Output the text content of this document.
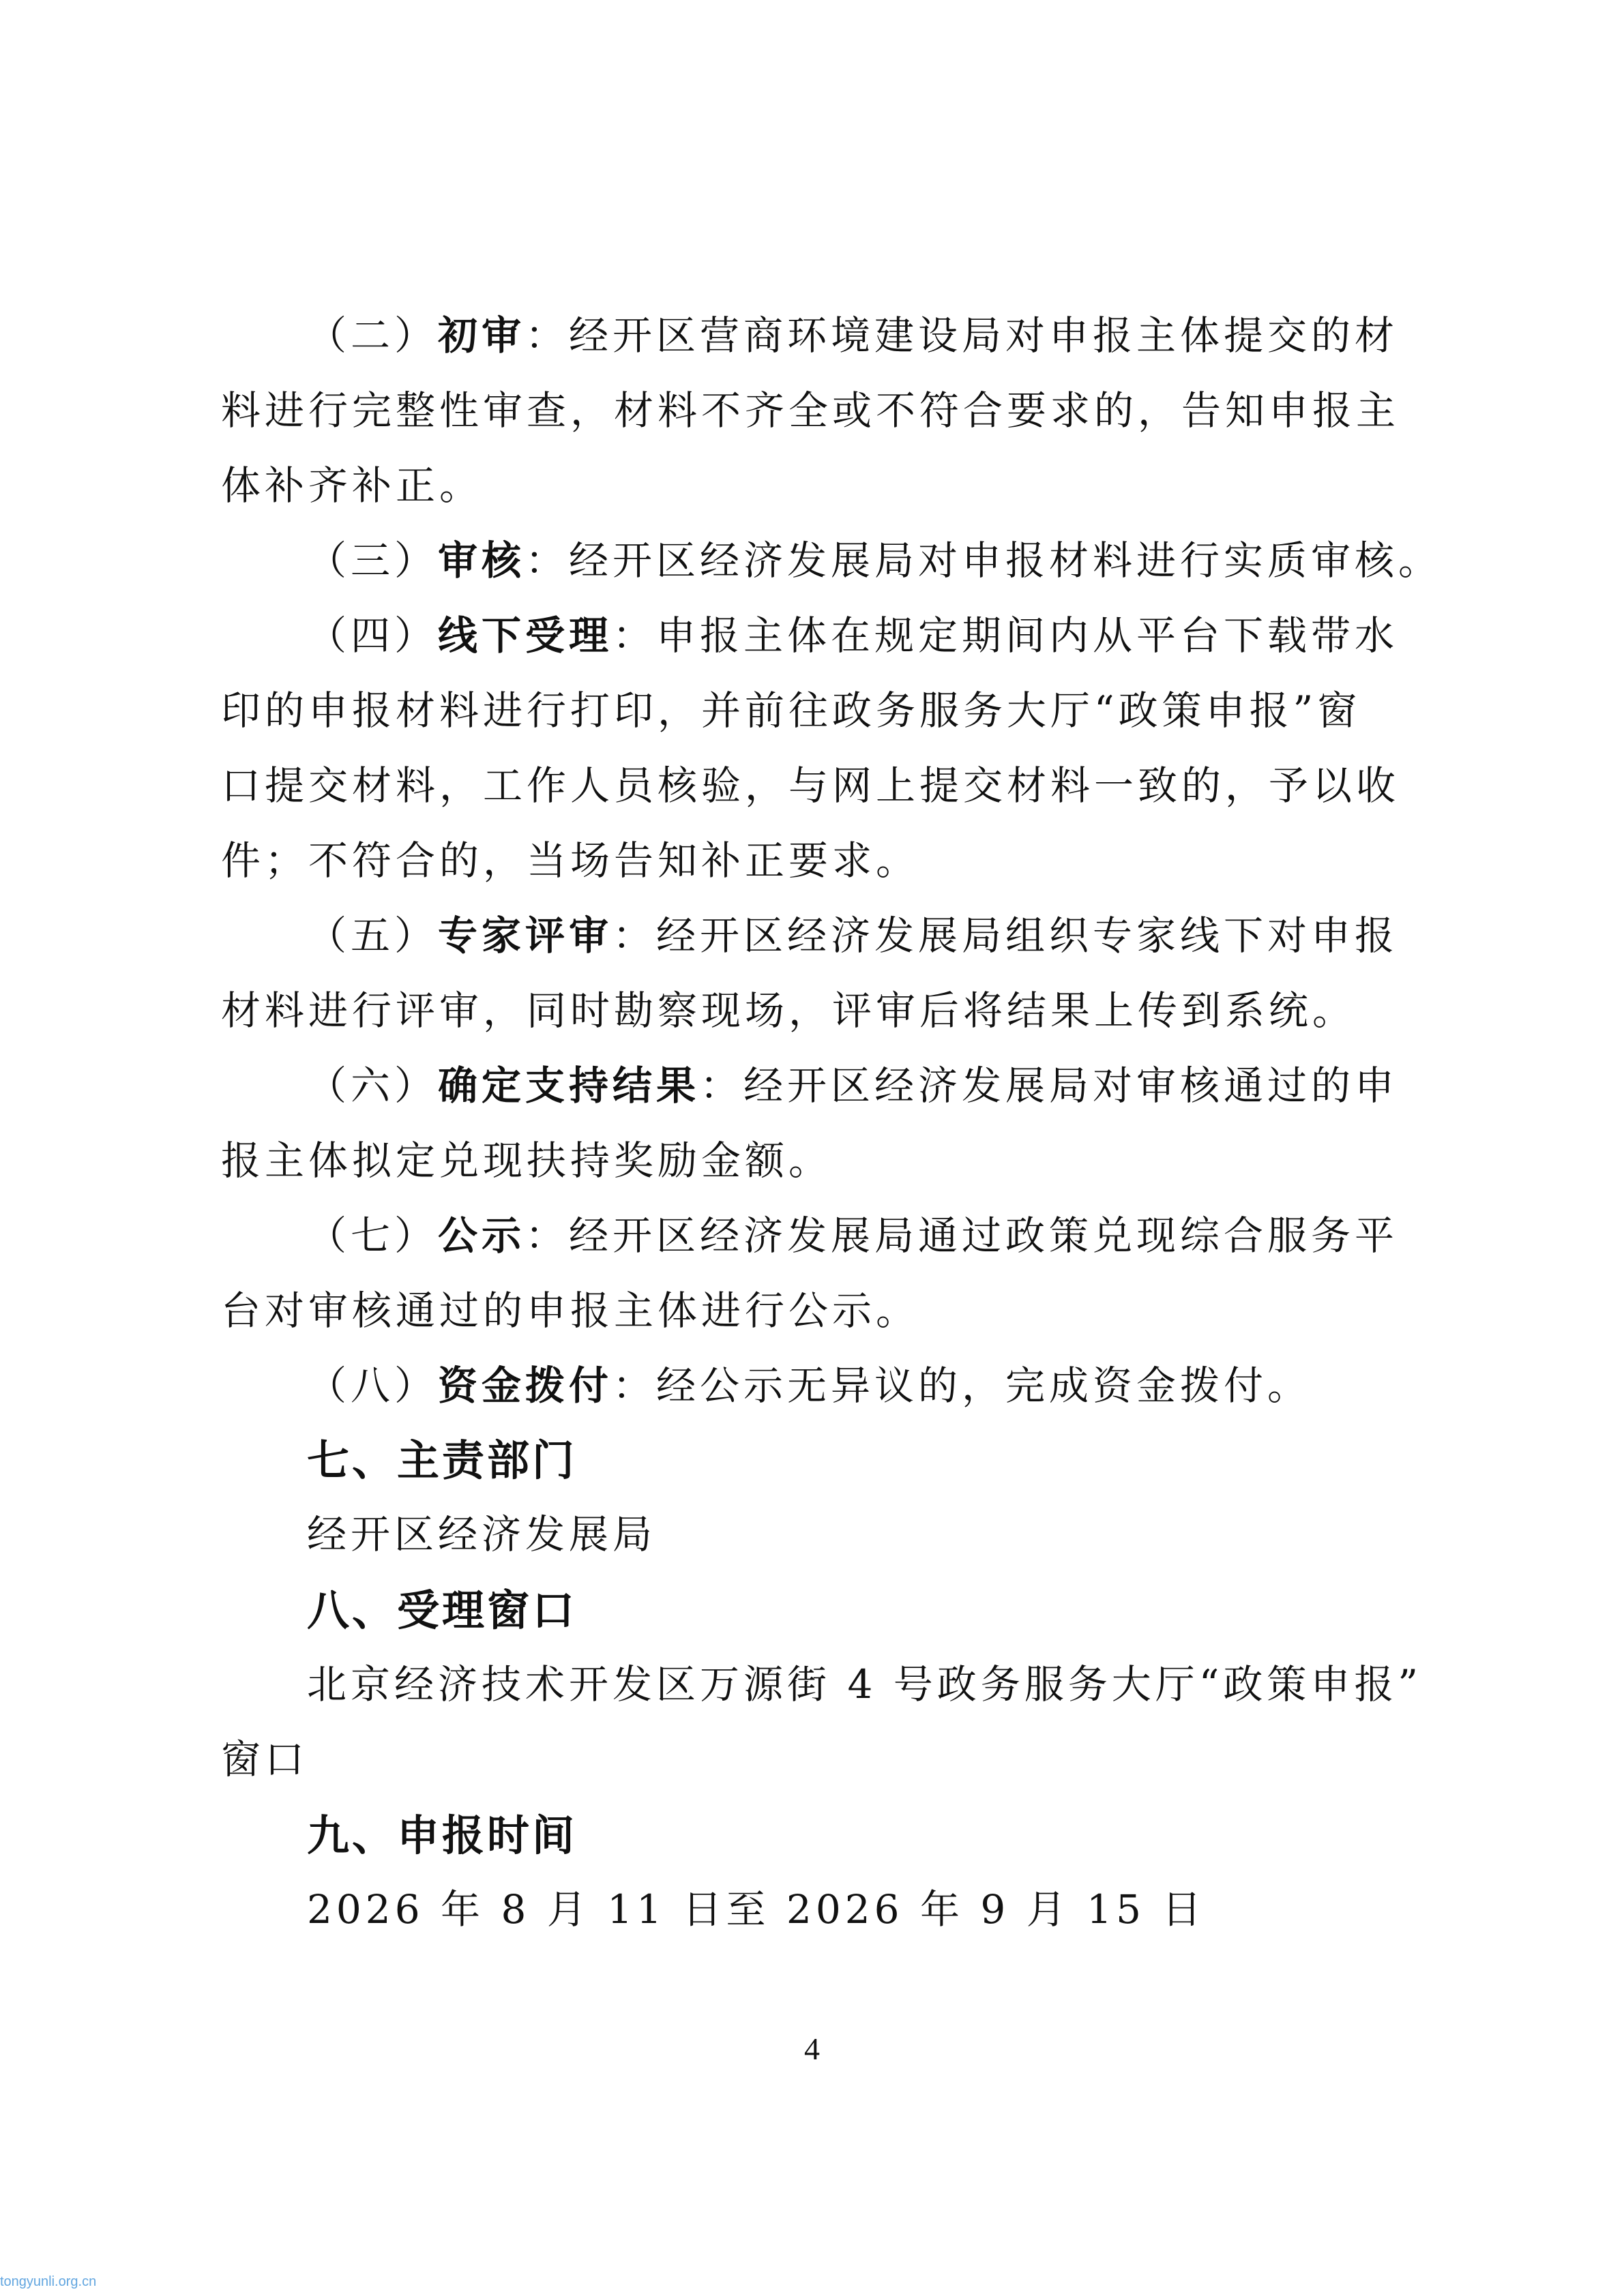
（二）初审：经开区营商环境建设局对申报主体提交的材
料进行完整性审查，材料不齐全或不符合要求的，告知申报主
体补齐补正。
（三）审核：经开区经济发展局对申报材料进行实质审核。
（四）线下受理：申报主体在规定期间内从平台下载带水
印的申报材料进行打印，并前往政务服务大厅“政策申报”窗
口提交材料，工作人员核验，与网上提交材料一致的，予以收
件；不符合的，当场告知补正要求。
（五）专家评审：经开区经济发展局组织专家线下对申报
材料进行评审，同时勘察现场，评审后将结果上传到系统。
（六）确定支持结果：经开区经济发展局对审核通过的申
报主体拟定兑现扶持奖励金额。
（七）公示：经开区经济发展局通过政策兑现综合服务平
台对审核通过的申报主体进行公示。
（八）资金拨付：经公示无异议的，完成资金拨付。
七、主责部门
经开区经济发展局
八、受理窗口
北京经济技术开发区万源街 4 号政务服务大厅“政策申报”
窗口
九、申报时间
2026 年 8 月 11 日至 2026 年 9 月 15 日
4
tongyunli.org.cn
